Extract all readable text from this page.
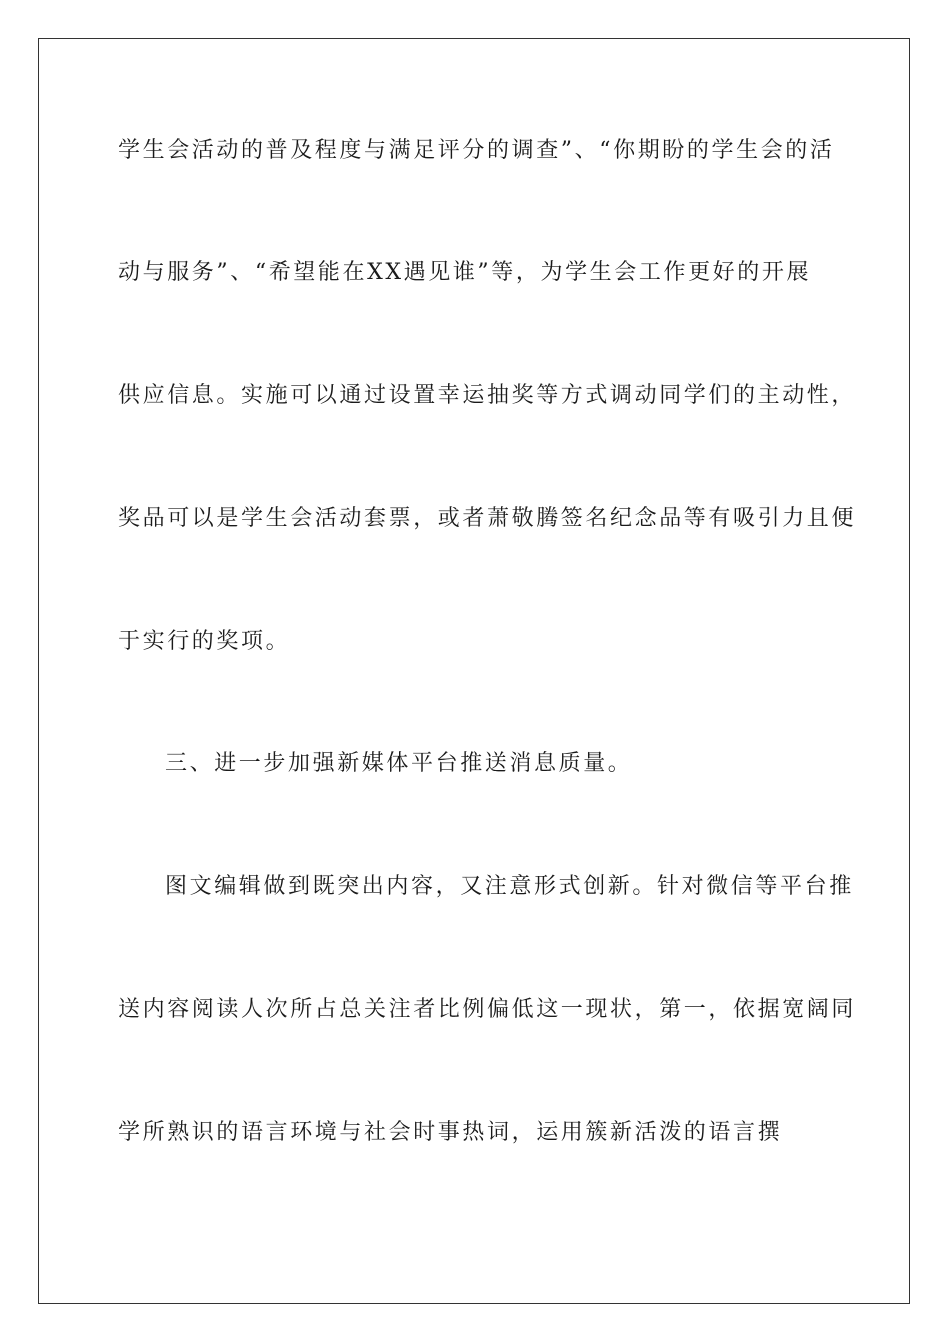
学生会活动的普及程度与满足评分的调查”、“你期盼的学生会的活
动与服务”、“希望能在XX遇见谁”等，为学生会工作更好的开展
供应信息。实施可以通过设置幸运抽奖等方式调动同学们的主动性，
奖品可以是学生会活动套票，或者萧敬腾签名纪念品等有吸引力且便
于实行的奖项。
三、进一步加强新媒体平台推送消息质量。
图文编辑做到既突出内容，又注意形式创新。针对微信等平台推
送内容阅读人次所占总关注者比例偏低这一现状，第一，依据宽阔同
学所熟识的语言环境与社会时事热词，运用簇新活泼的语言撰
